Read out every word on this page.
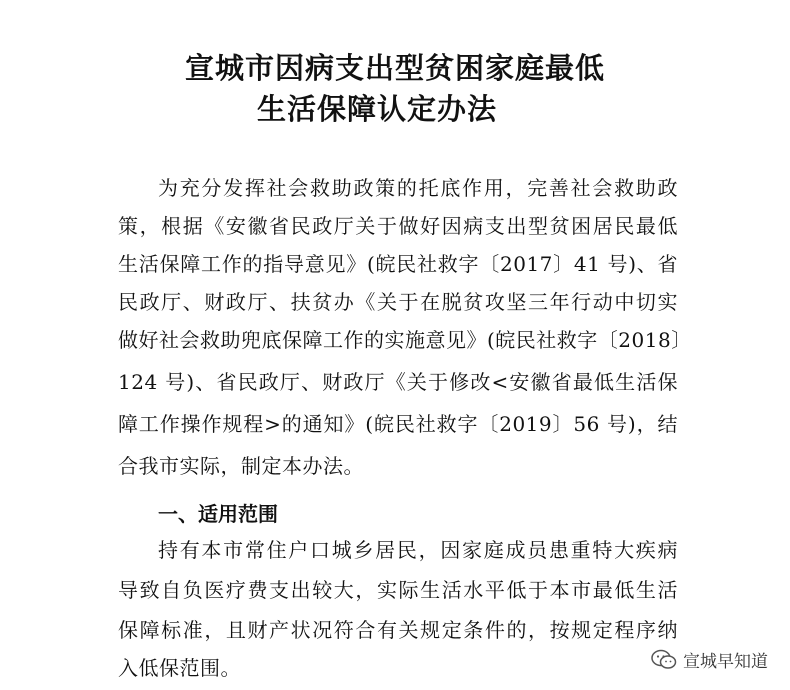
宣城市因病支出型贫困家庭最低
生活保障认定办法
为充分发挥社会救助政策的托底作用，完善社会救助政
策，根据《安徽省民政厅关于做好因病支出型贫困居民最低
生活保障工作的指导意见》(皖民社救字〔2017〕41 号)、省
民政厅、财政厅、扶贫办《关于在脱贫攻坚三年行动中切实
做好社会救助兜底保障工作的实施意见》(皖民社救字〔2018〕
124 号)、省民政厅、财政厅《关于修改<安徽省最低生活保
障工作操作规程>的通知》(皖民社救字〔2019〕56 号)，结
合我市实际，制定本办法。
一、适用范围
持有本市常住户口城乡居民，因家庭成员患重特大疾病
导致自负医疗费支出较大，实际生活水平低于本市最低生活
保障标准，且财产状况符合有关规定条件的，按规定程序纳
入低保范围。	宣城早知道
